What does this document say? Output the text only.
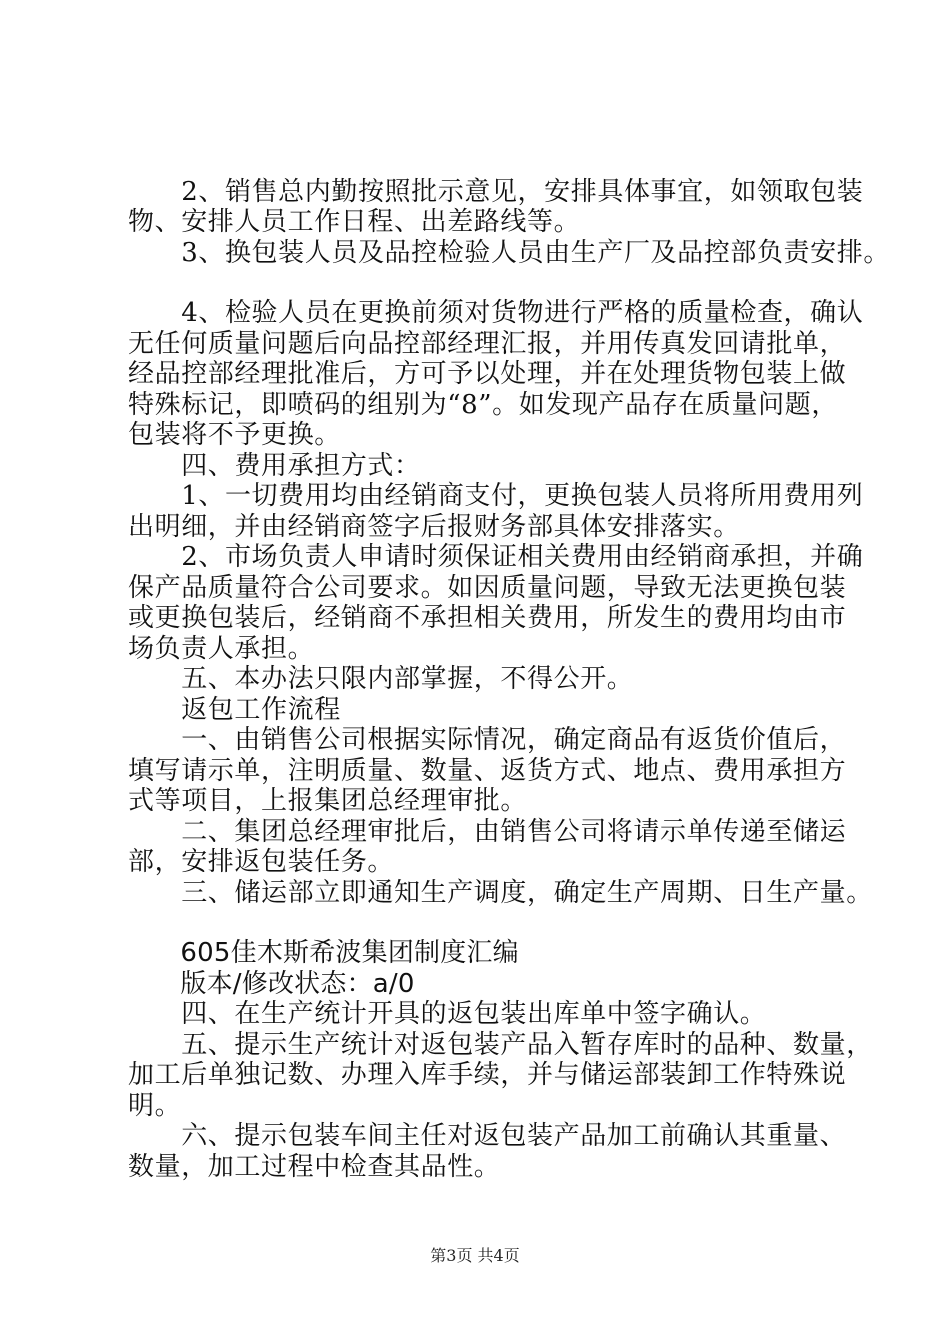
　　2、销售总内勤按照批示意见，安排具体事宜，如领取包装
物、安排人员工作日程、出差路线等。
　　3、换包装人员及品控检验人员由生产厂及品控部负责安排。
　　4、检验人员在更换前须对货物进行严格的质量检查，确认
无任何质量问题后向品控部经理汇报，并用传真发回请批单，
经品控部经理批准后，方可予以处理，并在处理货物包装上做
特殊标记，即喷码的组别为“8”。如发现产品存在质量问题，
包装将不予更换。
　　四、费用承担方式：
　　1、一切费用均由经销商支付，更换包装人员将所用费用列
出明细，并由经销商签字后报财务部具体安排落实。
　　2、市场负责人申请时须保证相关费用由经销商承担，并确
保产品质量符合公司要求。如因质量问题，导致无法更换包装
或更换包装后，经销商不承担相关费用，所发生的费用均由市
场负责人承担。
　　五、本办法只限内部掌握，不得公开。
　　返包工作流程
　　一、由销售公司根据实际情况，确定商品有返货价值后，
填写请示单，注明质量、数量、返货方式、地点、费用承担方
式等项目，上报集团总经理审批。
　　二、集团总经理审批后，由销售公司将请示单传递至储运
部，安排返包装任务。
　　三、储运部立即通知生产调度，确定生产周期、日生产量。
　　605佳木斯希波集团制度汇编
　　版本/修改状态：a/0
　　四、在生产统计开具的返包装出库单中签字确认。
　　五、提示生产统计对返包装产品入暂存库时的品种、数量，
加工后单独记数、办理入库手续，并与储运部装卸工作特殊说
明。
　　六、提示包装车间主任对返包装产品加工前确认其重量、
数量，加工过程中检查其品性。
第3页 共4页
